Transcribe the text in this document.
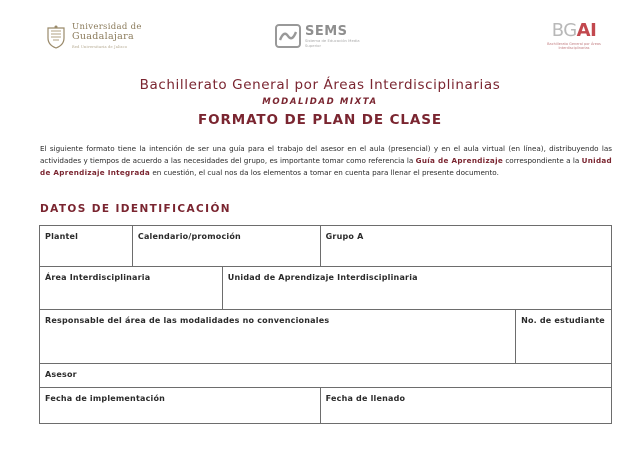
Universidad de
Guadalajara
Red Universitaria de Jalisco
SEMS
Sistema de Educación Media Superior
BGAI
Bachillerato General por Áreas Interdisciplinarias
Bachillerato General por Áreas Interdisciplinarias
MODALIDAD MIXTA
FORMATO DE PLAN DE CLASE

El siguiente formato tiene la intención de ser una guía para el trabajo del asesor en el aula (presencial) y en el aula virtual (en línea), distribuyendo las actividades y tiempos de acuerdo a las necesidades del grupo, es importante tomar como referencia la Guía de Aprendizaje correspondiente a la Unidad de Aprendizaje Integrada en cuestión, el cual nos da los elementos a tomar en cuenta para llenar el presente documento.

DATOS DE IDENTIFICACIÓN
Plantel	Calendario/promoción		Grupo A	

Área Interdisciplinaria		Unidad de Aprendizaje Interdisciplinaria		

Responsable del área de las modalidades no convencionales				No. de estudiante

Asesor				

Fecha de implementación			Fecha de llenado	
